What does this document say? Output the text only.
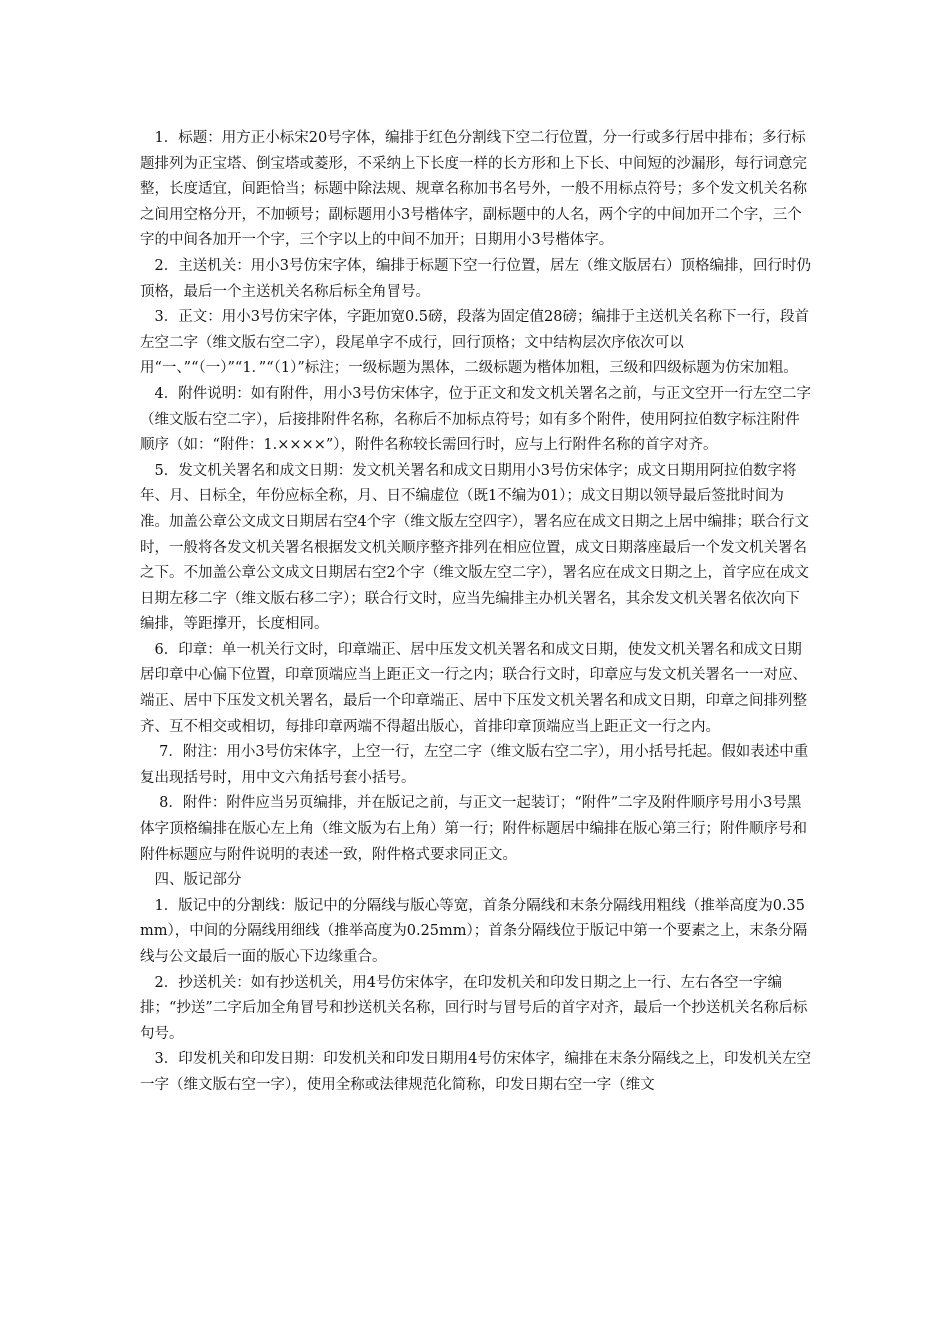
　1．标题：用方正小标宋20号字体，编排于红色分割线下空二行位置，分一行或多行居中排布；多行标题排列为正宝塔、倒宝塔或菱形，不采纳上下长度一样的长方形和上下长、中间短的沙漏形，每行词意完整，长度适宜，间距恰当；标题中除法规、规章名称加书名号外，一般不用标点符号；多个发文机关名称之间用空格分开，不加顿号；副标题用小3号楷体字，副标题中的人名，两个字的中间加开二个字，三个字的中间各加开一个字，三个字以上的中间不加开；日期用小3号楷体字。

　2．主送机关：用小3号仿宋字体，编排于标题下空一行位置，居左（维文版居右）顶格编排，回行时仍顶格，最后一个主送机关名称后标全角冒号。

　3．正文：用小3号仿宋字体，字距加宽0.5磅，段落为固定值28磅；编排于主送机关名称下一行，段首左空二字（维文版右空二字），段尾单字不成行，回行顶格；文中结构层次序依次可以用“一、”“（一）”“1．”“（1）”标注；一级标题为黑体，二级标题为楷体加粗，三级和四级标题为仿宋加粗。

　4．附件说明：如有附件，用小3号仿宋体字，位于正文和发文机关署名之前，与正文空开一行左空二字（维文版右空二字），后接排附件名称，名称后不加标点符号；如有多个附件，使用阿拉伯数字标注附件顺序（如：“附件：1.××××”），附件名称较长需回行时，应与上行附件名称的首字对齐。

　5．发文机关署名和成文日期：发文机关署名和成文日期用小3号仿宋体字；成文日期用阿拉伯数字将年、月、日标全，年份应标全称，月、日不编虚位（既1不编为01）；成文日期以领导最后签批时间为准。加盖公章公文成文日期居右空4个字（维文版左空四字），署名应在成文日期之上居中编排；联合行文时，一般将各发文机关署名根据发文机关顺序整齐排列在相应位置，成文日期落座最后一个发文机关署名之下。不加盖公章公文成文日期居右空2个字（维文版左空二字），署名应在成文日期之上，首字应在成文日期左移二字（维文版右移二字）；联合行文时，应当先编排主办机关署名，其余发文机关署名依次向下编排，等距撑开，长度相同。

　6．印章：单一机关行文时，印章端正、居中压发文机关署名和成文日期，使发文机关署名和成文日期居印章中心偏下位置，印章顶端应当上距正文一行之内；联合行文时，印章应与发文机关署名一一对应、端正、居中下压发文机关署名，最后一个印章端正、居中下压发文机关署名和成文日期，印章之间排列整齐、互不相交或相切，每排印章两端不得超出版心，首排印章顶端应当上距正文一行之内。

　 7．附注：用小3号仿宋体字，上空一行，左空二字（维文版右空二字），用小括号托起。假如表述中重复出现括号时，用中文六角括号套小括号。

　 8．附件：附件应当另页编排，并在版记之前，与正文一起装订；“附件”二字及附件顺序号用小3号黑体字顶格编排在版心左上角（维文版为右上角）第一行；附件标题居中编排在版心第三行；附件顺序号和附件标题应与附件说明的表述一致，附件格式要求同正文。

　四、版记部分

　1．版记中的分割线：版记中的分隔线与版心等宽，首条分隔线和末条分隔线用粗线（推举高度为0.35mm），中间的分隔线用细线（推举高度为0.25mm）；首条分隔线位于版记中第一个要素之上，末条分隔线与公文最后一面的版心下边缘重合。

　2．抄送机关：如有抄送机关，用4号仿宋体字，在印发机关和印发日期之上一行、左右各空一字编排；“抄送”二字后加全角冒号和抄送机关名称，回行时与冒号后的首字对齐，最后一个抄送机关名称后标句号。

　3．印发机关和印发日期：印发机关和印发日期用4号仿宋体字，编排在末条分隔线之上，印发机关左空一字（维文版右空一字），使用全称或法律规范化简称，印发日期右空一字（维文
